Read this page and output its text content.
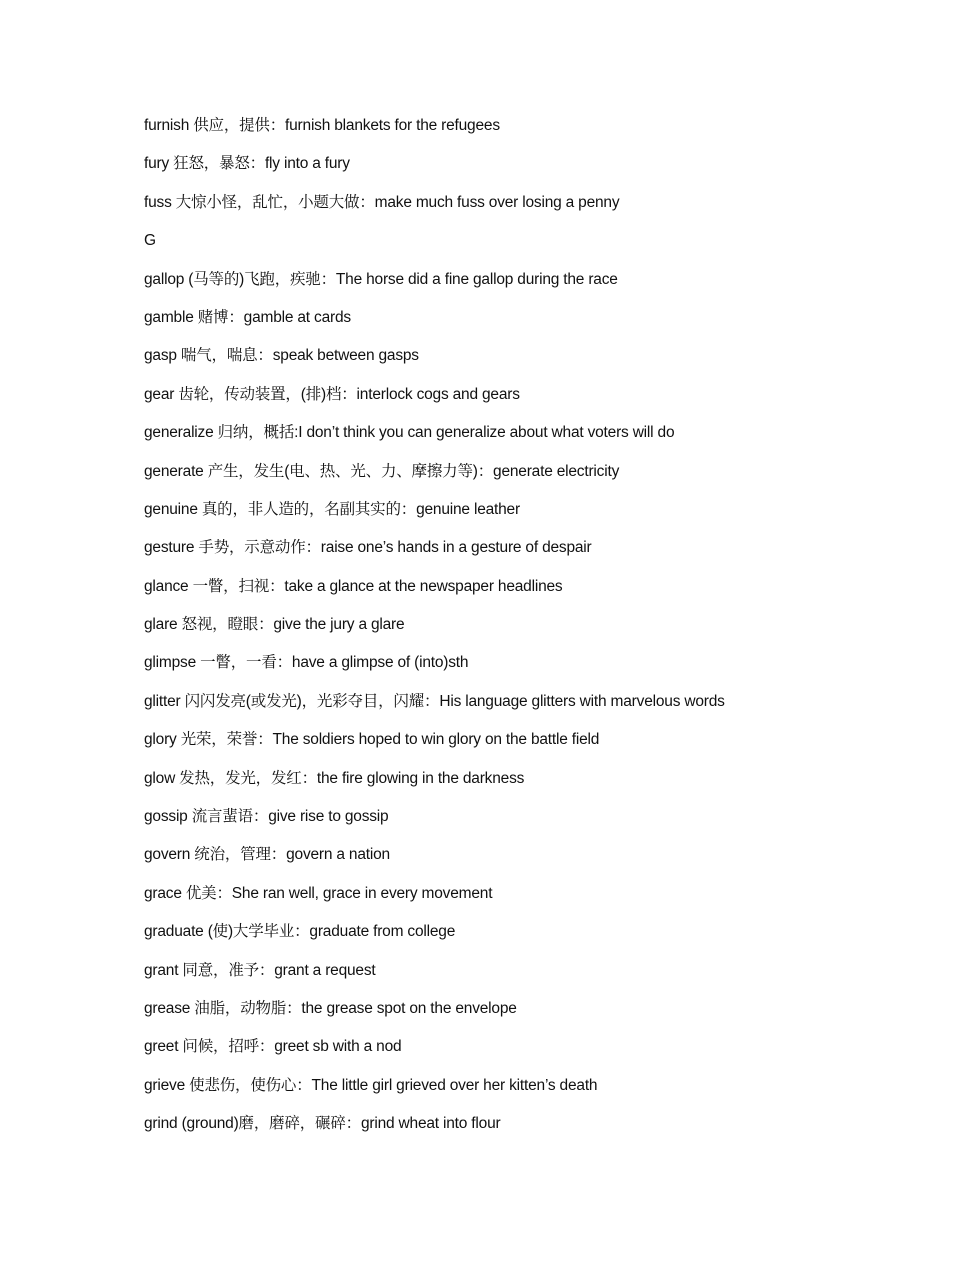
furnish 供应，提供：furnish blankets for the refugees
fury 狂怒，暴怒：fly into a fury
fuss 大惊小怪，乱忙，小题大做：make much fuss over losing a penny
G
gallop (马等的)飞跑，疾驰：The horse did a fine gallop during the race
gamble 赌博：gamble at cards
gasp 喘气，喘息：speak between gasps
gear 齿轮，传动装置，(排)档：interlock cogs and gears
generalize 归纳，概括:I don’t think you can generalize about what voters will do
generate 产生，发生(电、热、光、力、摩擦力等)：generate electricity
genuine 真的，非人造的，名副其实的：genuine leather
gesture 手势，示意动作：raise one’s hands in a gesture of despair
glance 一瞥，扫视：take a glance at the newspaper headlines
glare 怒视，瞪眼：give the jury a glare
glimpse 一瞥，一看：have a glimpse of (into)sth
glitter 闪闪发亮(或发光)，光彩夺目，闪耀：His language glitters with marvelous words
glory 光荣，荣誉：The soldiers hoped to win glory on the battle field
glow 发热，发光，发红：the fire glowing in the darkness
gossip 流言蜚语：give rise to gossip
govern 统治，管理：govern a nation
grace 优美：She ran well, grace in every movement
graduate (使)大学毕业：graduate from college
grant 同意，准予：grant a request
grease 油脂，动物脂：the grease spot on the envelope
greet 问候，招呼：greet sb with a nod
grieve 使悲伤，使伤心：The little girl grieved over her kitten’s death
grind (ground)磨，磨碎，碾碎：grind wheat into flour
